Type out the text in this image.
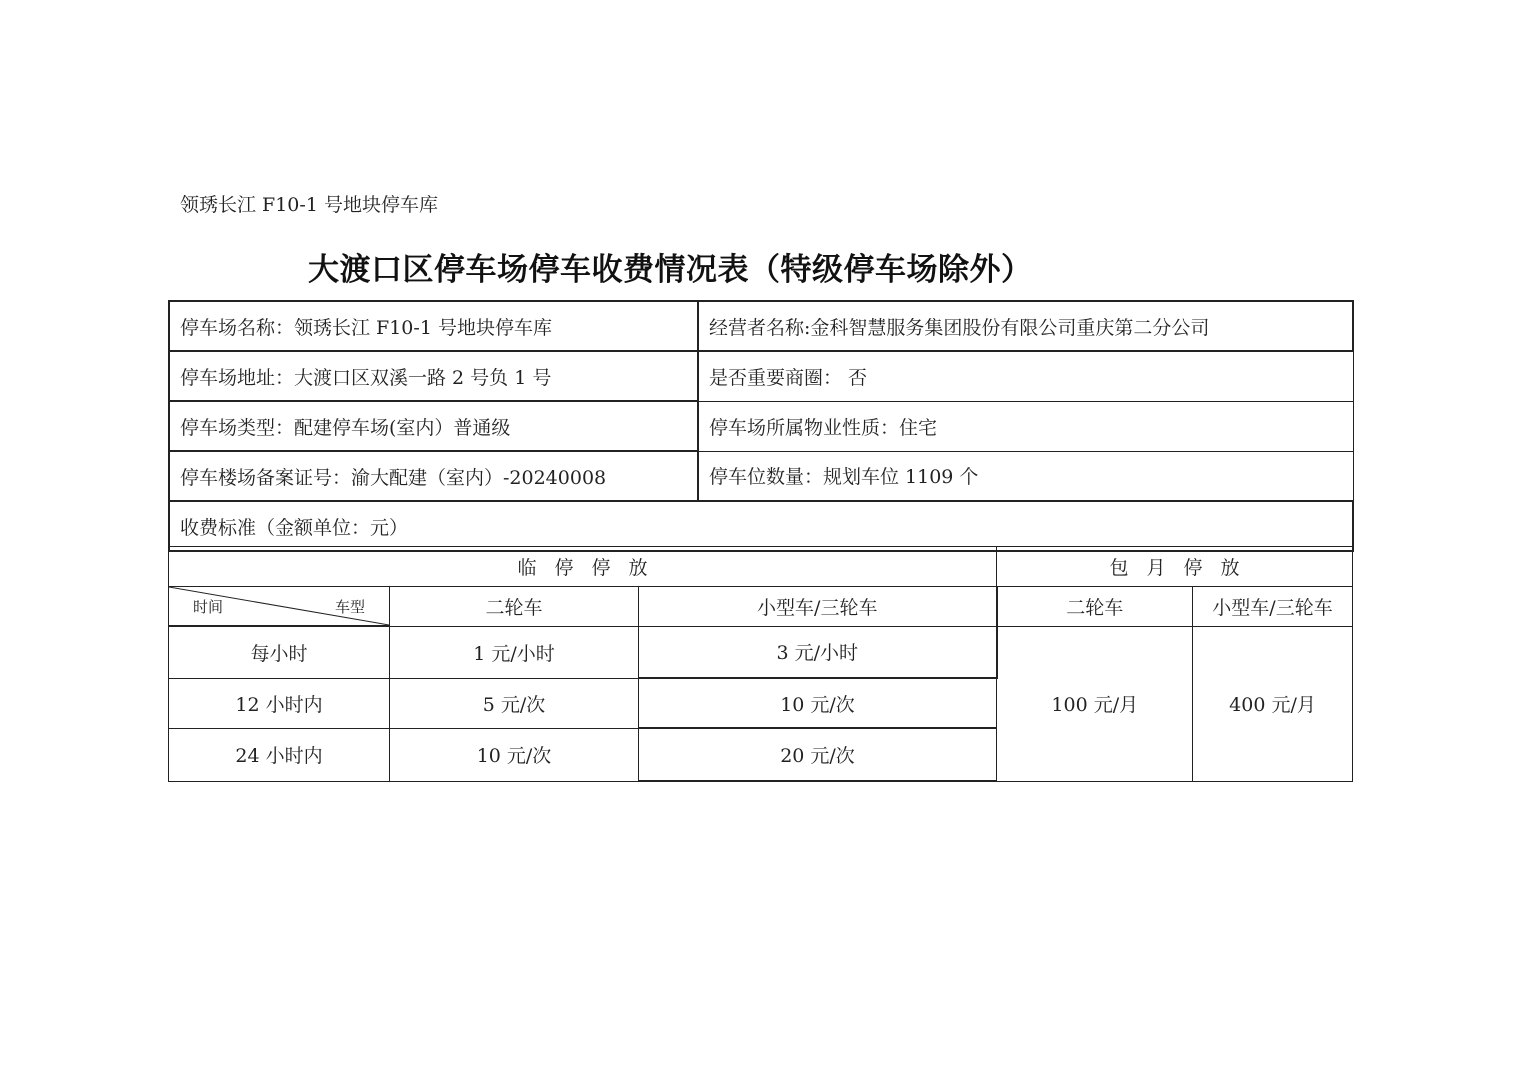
领琇长江 F10-1 号地块停车库
大渡口区停车场停车收费情况表（特级停车场除外）
停车场名称：领琇长江 F10-1 号地块停车库	经营者名称:金科智慧服务集团股份有限公司重庆第二分公司
停车场地址：大渡口区双溪一路 2 号负 1 号	是否重要商圈： 否
停车场类型：配建停车场(室内）普通级	停车场所属物业性质：住宅
停车楼场备案证号：渝大配建（室内）-20240008	停车位数量：规划车位 1109 个
收费标准（金额单位：元）	
临停停放			包月停放	

时间 车型	二轮车	小型车/三轮车	二轮车	小型车/三轮车
每小时	1 元/小时	3 元/小时	100 元/月	400 元/月
12 小时内	5 元/次	10 元/次		
24 小时内	10 元/次	20 元/次		
